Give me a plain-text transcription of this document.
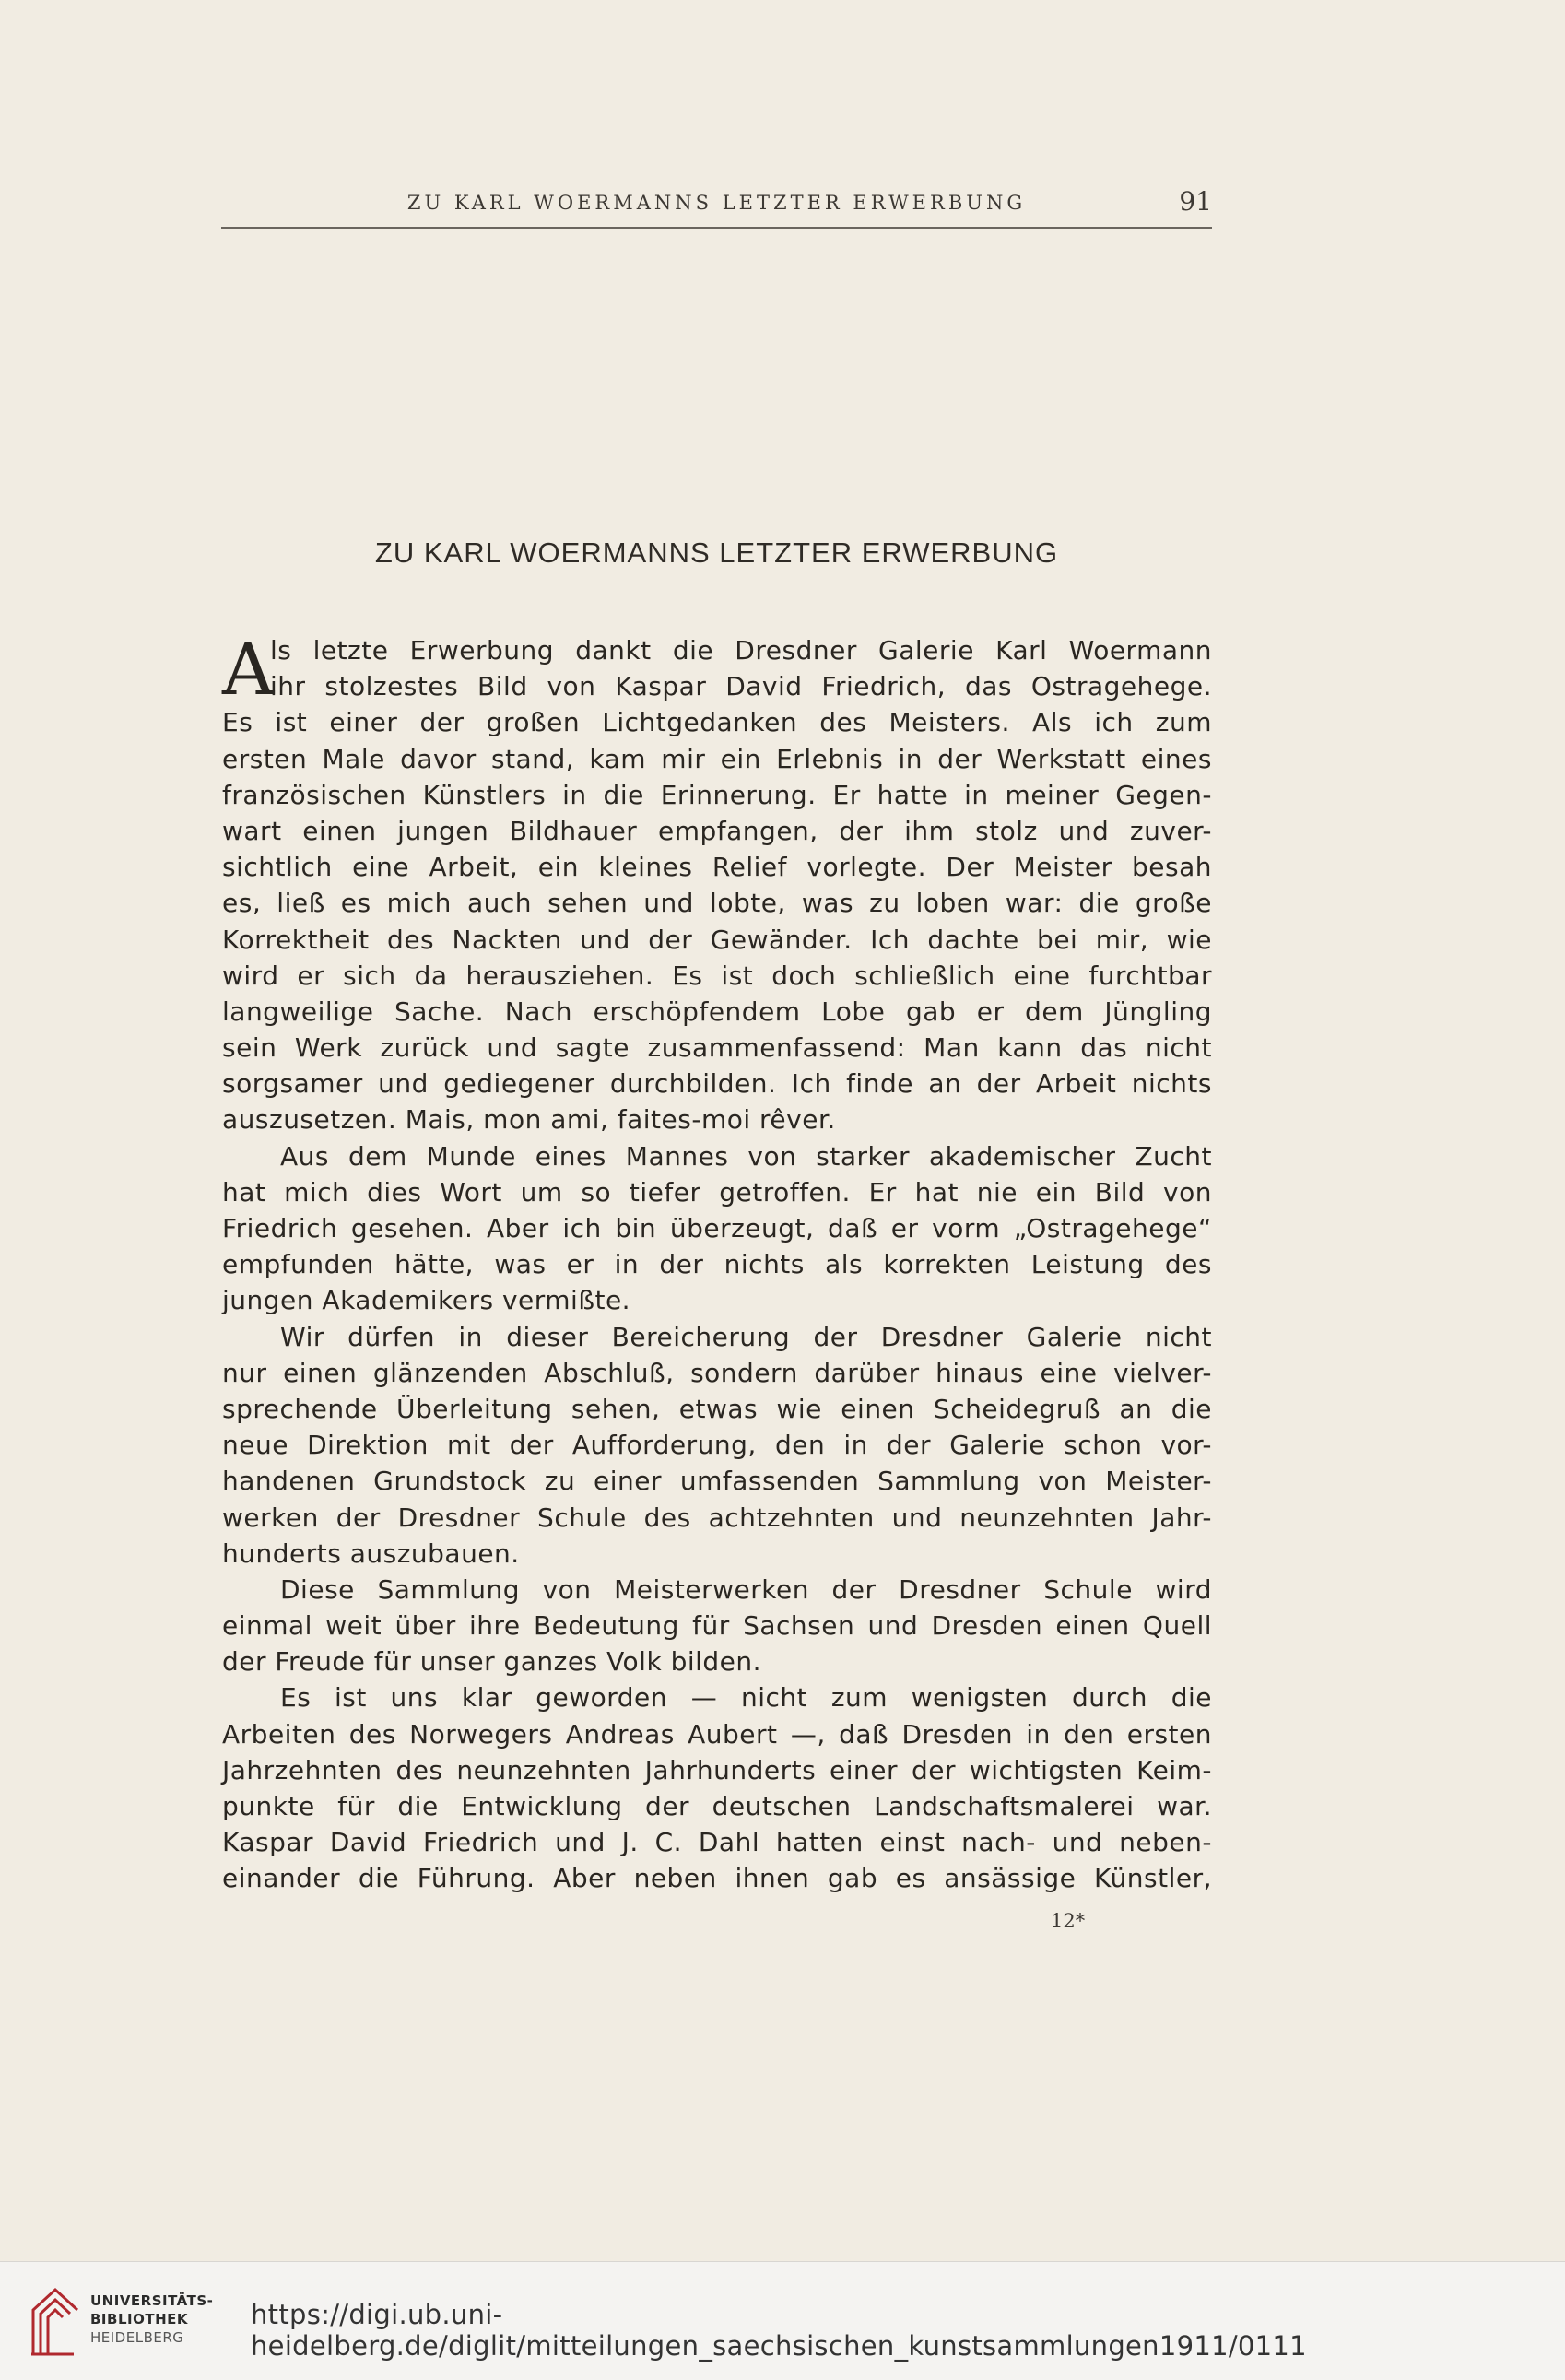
ZU KARL WOERMANNS LETZTER ERWERBUNG	91
ZU KARL WOERMANNS LETZTER ERWERBUNG
A
ls letzte Erwerbung dankt die Dresdner Galerie Karl Woermann
ihr stolzestes Bild von Kaspar David Friedrich, das Ostragehege.
Es ist einer der großen Lichtgedanken des Meisters. Als ich zum
ersten Male davor stand, kam mir ein Erlebnis in der Werkstatt eines
französischen Künstlers in die Erinnerung. Er hatte in meiner Gegen-
wart einen jungen Bildhauer empfangen, der ihm stolz und zuver-
sichtlich eine Arbeit, ein kleines Relief vorlegte. Der Meister besah
es, ließ es mich auch sehen und lobte, was zu loben war: die große
Korrektheit des Nackten und der Gewänder. Ich dachte bei mir, wie
wird er sich da herausziehen. Es ist doch schließlich eine furchtbar
langweilige Sache. Nach erschöpfendem Lobe gab er dem Jüngling
sein Werk zurück und sagte zusammenfassend: Man kann das nicht
sorgsamer und gediegener durchbilden. Ich finde an der Arbeit nichts
auszusetzen. Mais, mon ami, faites-moi rêver.
Aus dem Munde eines Mannes von starker akademischer Zucht
hat mich dies Wort um so tiefer getroffen. Er hat nie ein Bild von
Friedrich gesehen. Aber ich bin überzeugt, daß er vorm „Ostragehege“
empfunden hätte, was er in der nichts als korrekten Leistung des
jungen Akademikers vermißte.
Wir dürfen in dieser Bereicherung der Dresdner Galerie nicht
nur einen glänzenden Abschluß, sondern darüber hinaus eine vielver-
sprechende Überleitung sehen, etwas wie einen Scheidegruß an die
neue Direktion mit der Aufforderung, den in der Galerie schon vor-
handenen Grundstock zu einer umfassenden Sammlung von Meister-
werken der Dresdner Schule des achtzehnten und neunzehnten Jahr-
hunderts auszubauen.
Diese Sammlung von Meisterwerken der Dresdner Schule wird
einmal weit über ihre Bedeutung für Sachsen und Dresden einen Quell
der Freude für unser ganzes Volk bilden.
Es ist uns klar geworden — nicht zum wenigsten durch die
Arbeiten des Norwegers Andreas Aubert —, daß Dresden in den ersten
Jahrzehnten des neunzehnten Jahrhunderts einer der wichtigsten Keim-
punkte für die Entwicklung der deutschen Landschaftsmalerei war.
Kaspar David Friedrich und J. C. Dahl hatten einst nach- und neben-
einander die Führung. Aber neben ihnen gab es ansässige Künstler,
12*
UNIVERSITÄTS-
BIBLIOTHEK
HEIDELBERG
https://digi.ub.uni-heidelberg.de/diglit/mitteilungen_saechsischen_kunstsammlungen1911/0111
